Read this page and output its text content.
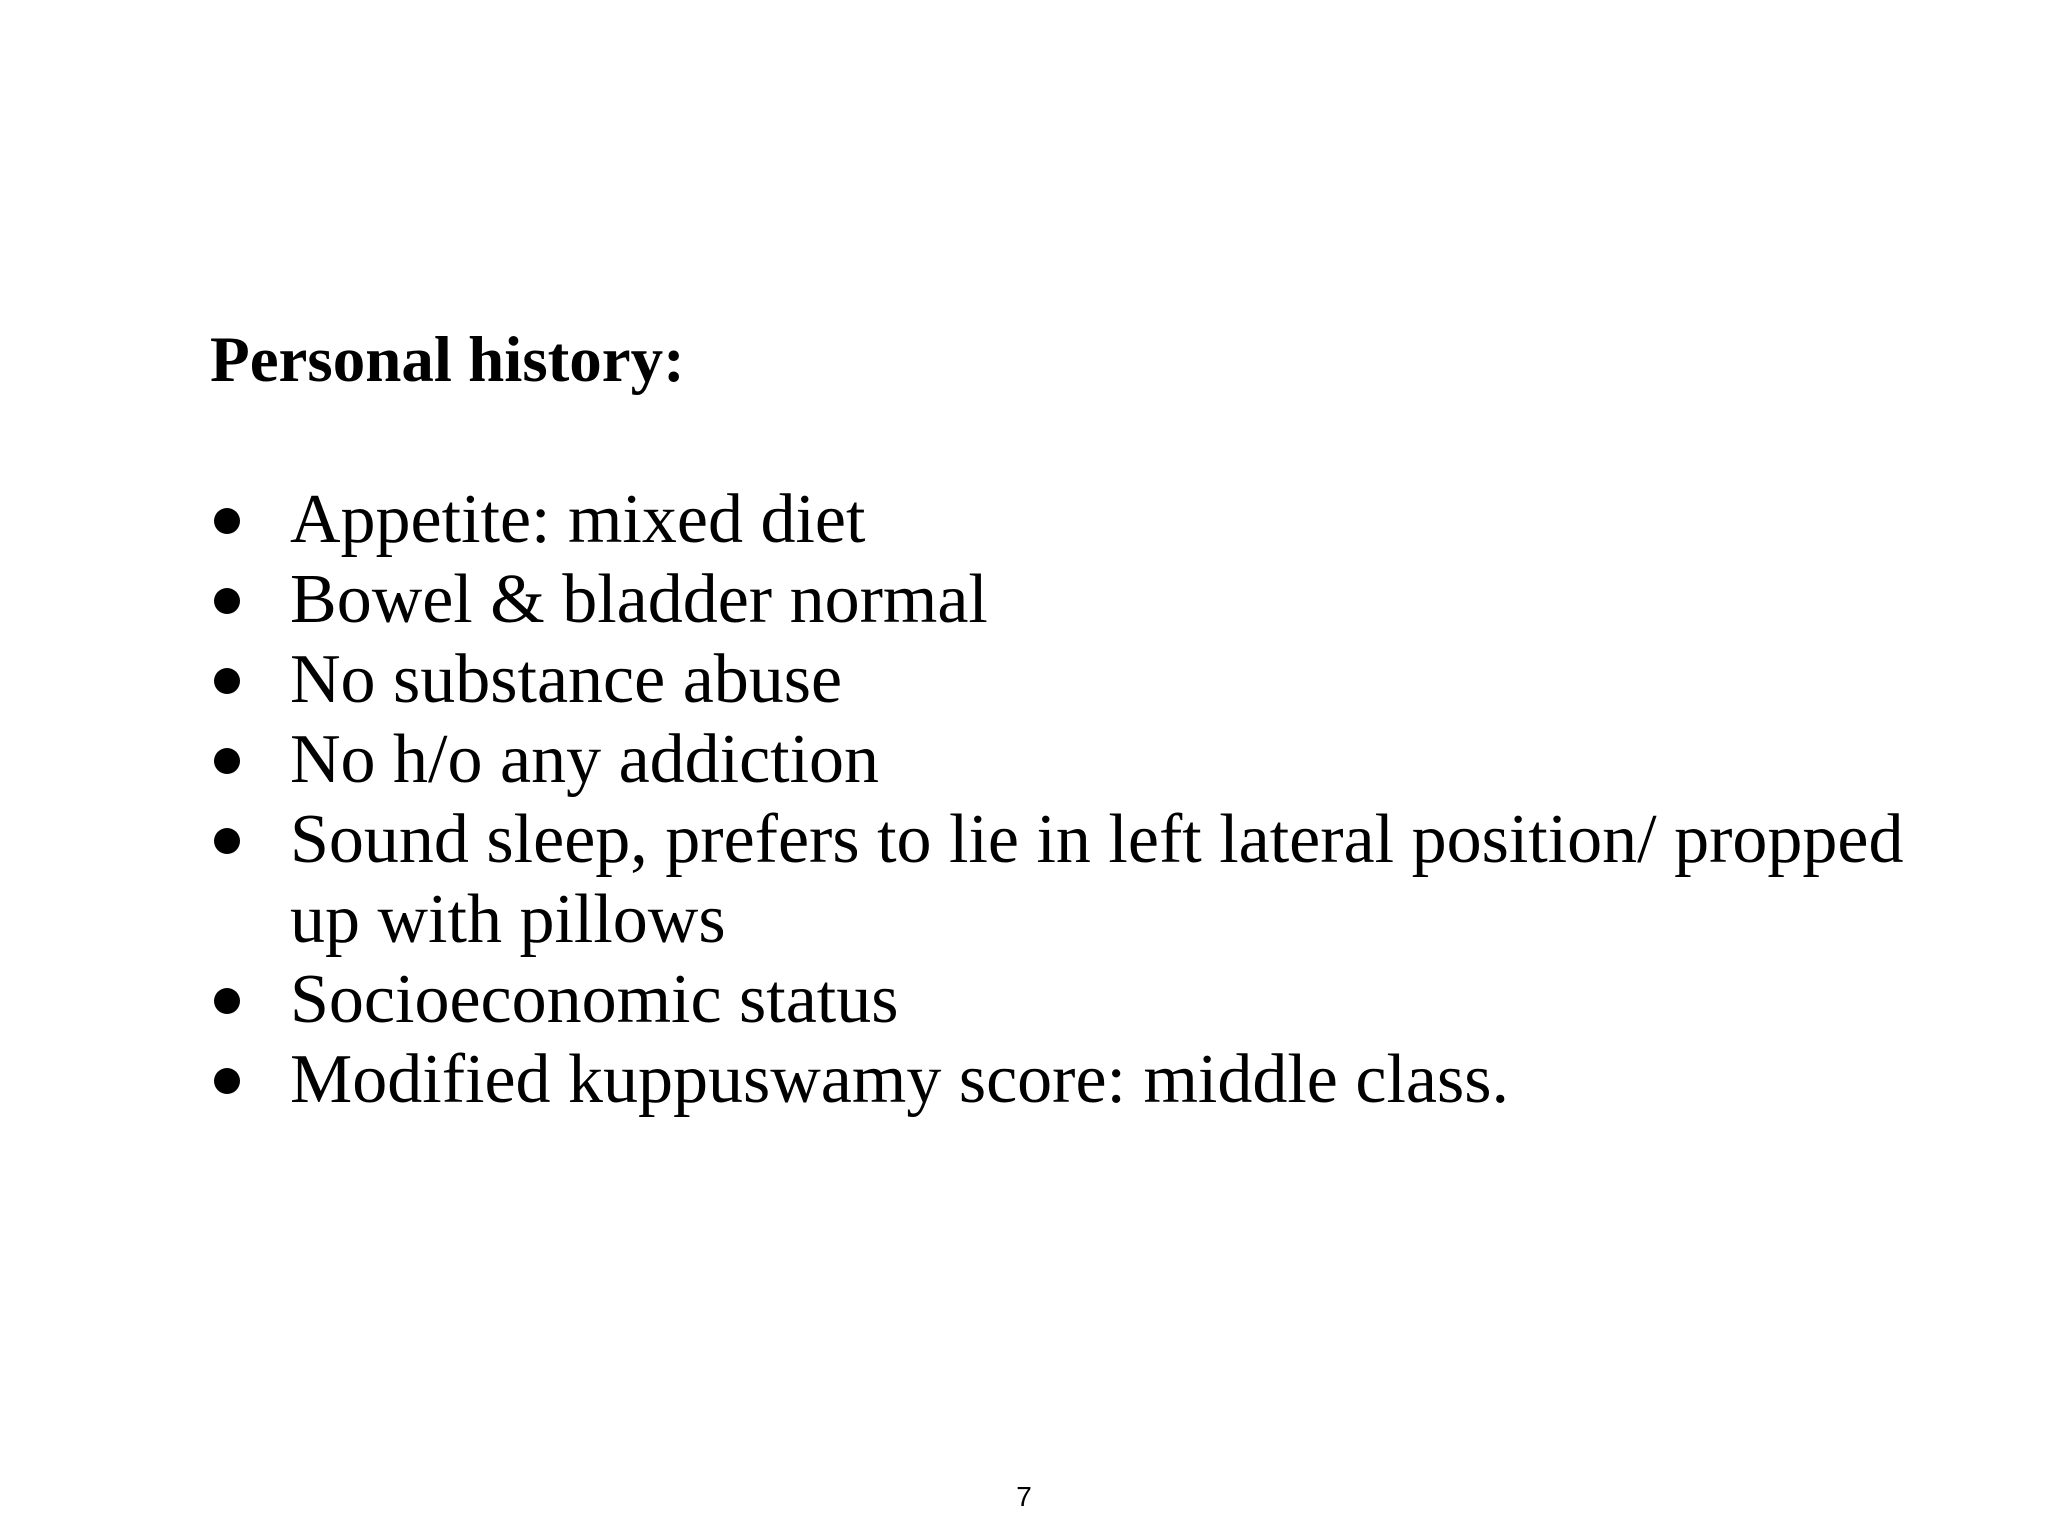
Personal history:
Appetite: mixed diet
Bowel & bladder normal
No substance abuse
No h/o any addiction
Sound sleep, prefers to lie in left lateral position/ propped up with pillows
Socioeconomic status
Modified kuppuswamy score: middle class.
7
